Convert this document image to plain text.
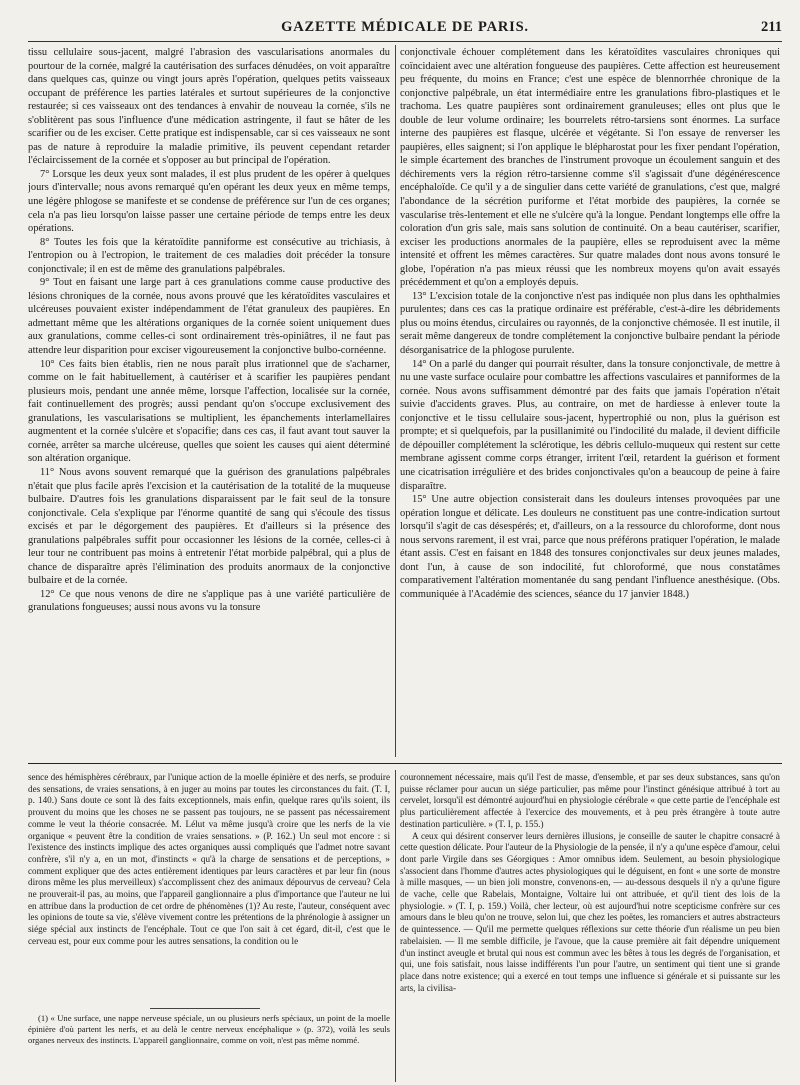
GAZETTE MÉDICALE DE PARIS.	211

tissu cellulaire sous-jacent, malgré l'abrasion des vascularisations anormales du pourtour de la cornée, malgré la cautérisation des surfaces dénudées, on voit apparaître dans quelques cas, quinze ou vingt jours après l'opération, quelques petits vaisseaux occupant de préférence les parties latérales et surtout supérieures de la conjonctive restaurée; si ces vaisseaux ont des tendances à envahir de nouveau la cornée, s'ils ne s'oblitèrent pas sous l'influence d'une médication astringente, il faut se hâter de les scarifier ou de les exciser. Cette pratique est indispensable, car si ces vaisseaux ne sont pas de nature à reproduire la maladie primitive, ils peuvent cependant retarder l'éclaircissement de la cornée et s'opposer au but principal de l'opération.

7° Lorsque les deux yeux sont malades, il est plus prudent de les opérer à quelques jours d'intervalle; nous avons remarqué qu'en opérant les deux yeux en même temps, une légère phlogose se manifeste et se condense de préférence sur l'un de ces organes; cela n'a pas lieu lorsqu'on laisse passer une certaine période de temps entre les deux opérations.

8° Toutes les fois que la kératoïdite panniforme est consécutive au trichiasis, à l'entropion ou à l'ectropion, le traitement de ces maladies doit précéder la tonsure conjonctivale; il en est de même des granulations palpébrales.

9° Tout en faisant une large part à ces granulations comme cause productive des lésions chroniques de la cornée, nous avons prouvé que les kératoïdites vasculaires et ulcéreuses pouvaient exister indépendamment de l'état granuleux des paupières. En admettant même que les altérations organiques de la cornée soient uniquement dues aux granulations, comme celles-ci sont ordinairement très-opiniâtres, il ne faut pas attendre leur disparition pour exciser vigoureusement la conjonctive bulbo-cornéenne.

10° Ces faits bien établis, rien ne nous paraît plus irrationnel que de s'acharner, comme on le fait habituellement, à cautériser et à scarifier les paupières pendant plusieurs mois, pendant une année même, lorsque l'affection, localisée sur la cornée, fait continuellement des progrès; aussi pendant qu'on s'occupe exclusivement des granulations, les vascularisations se multiplient, les épanchements interlamellaires augmentent et la cornée s'ulcère et s'opacifie; dans ces cas, il faut avant tout sauver la cornée, arrêter sa marche ulcéreuse, quelles que soient les causes qui aient déterminé son altération organique.

11° Nous avons souvent remarqué que la guérison des granulations palpébrales n'était que plus facile après l'excision et la cautérisation de la totalité de la muqueuse bulbaire. D'autres fois les granulations disparaissent par le fait seul de la tonsure conjonctivale. Cela s'explique par l'énorme quantité de sang qui s'écoule des tissus excisés et par le dégorgement des paupières. Et d'ailleurs si la présence des granulations palpébrales suffit pour occasionner les lésions de la cornée, celles-ci à leur tour ne contribuent pas moins à entretenir l'état morbide palpébral, qui a plus de chance de disparaître après l'élimination des produits anormaux de la conjonctive bulbaire et de la cornée.

12° Ce que nous venons de dire ne s'applique pas à une variété particulière de granulations fongueuses; aussi nous avons vu la tonsure

conjonctivale échouer complétement dans les kératoïdites vasculaires chroniques qui coïncidaient avec une altération fongueuse des paupières. Cette affection est heureusement peu fréquente, du moins en France; c'est une espèce de blennorrhée chronique de la conjonctive palpébrale, un état intermédiaire entre les granulations fibro-plastiques et le trachoma. Les quatre paupières sont ordinairement granuleuses; elles ont plus que le double de leur volume ordinaire; les bourrelets rétro-tarsiens sont énormes. La surface interne des paupières est flasque, ulcérée et végétante. Si l'on essaye de renverser les paupières, elles saignent; si l'on applique le blépharostat pour les fixer pendant l'opération, le simple écartement des branches de l'instrument provoque un écoulement sanguin et des déchirements vers la région rétro-tarsienne comme s'il s'agissait d'une dégénérescence encéphaloïde. Ce qu'il y a de singulier dans cette variété de granulations, c'est que, malgré l'abondance de la sécrétion puriforme et l'état morbide des paupières, la cornée se vascularise très-lentement et elle ne s'ulcère qu'à la longue. Pendant longtemps elle offre la coloration d'un gris sale, mais sans solution de continuité. On a beau cautériser, scarifier, exciser les productions anormales de la paupière, elles se reproduisent avec la même intensité et offrent les mêmes caractères. Sur quatre malades dont nous avons tonsuré le globe, l'opération n'a pas mieux réussi que les nombreux moyens qu'on avait essayés précédemment et qu'on a employés depuis.

13° L'excision totale de la conjonctive n'est pas indiquée non plus dans les ophthalmies purulentes; dans ces cas la pratique ordinaire est préférable, c'est-à-dire les débridements plus ou moins étendus, circulaires ou rayonnés, de la conjonctive chémosée. Il est inutile, il serait même dangereux de tondre complétement la conjonctive bulbaire pendant la période désorganisatrice de la phlogose purulente.

14° On a parlé du danger qui pourrait résulter, dans la tonsure conjonctivale, de mettre à nu une vaste surface oculaire pour combattre les affections vasculaires et panniformes de la cornée. Nous avons suffisamment démontré par des faits que jamais l'opération n'était suivie d'accidents graves. Plus, au contraire, on met de hardiesse à enlever toute la conjonctive et le tissu cellulaire sous-jacent, hypertrophié ou non, plus la guérison est prompte; et si quelquefois, par la pusillanimité ou l'indocilité du malade, il devient difficile de dépouiller complétement la sclérotique, les débris cellulo-muqueux qui restent sur cette membrane agissent comme corps étranger, irritent l'œil, retardent la guérison et forment une cicatrisation irrégulière et des brides conjonctivales qu'on a beaucoup de peine à faire disparaître.

15° Une autre objection consisterait dans les douleurs intenses provoquées par une opération longue et délicate. Les douleurs ne constituent pas une contre-indication surtout lorsqu'il s'agit de cas désespérés; et, d'ailleurs, on a la ressource du chloroforme, dont nous nous servons rarement, il est vrai, parce que nous préférons pratiquer l'opération, le malade étant assis. C'est en faisant en 1848 des tonsures conjonctivales sur deux jeunes malades, dont l'un, à cause de son indocilité, fut chloroformé, que nous constatâmes comparativement l'altération momentanée du sang pendant l'influence anesthésique. (Obs. communiquée à l'Académie des sciences, séance du 17 janvier 1848.)

sence des hémisphères cérébraux, par l'unique action de la moelle épinière et des nerfs, se produire des sensations, de vraies sensations, à en juger au moins par toutes les circonstances du fait. (T. I, p. 140.) Sans doute ce sont là des faits exceptionnels, mais enfin, quelque rares qu'ils soient, ils prouvent du moins que les choses ne se passent pas toujours, ne se passent pas nécessairement comme le veut la théorie consacrée. M. Lélut va même jusqu'à croire que les nerfs de la vie organique « peuvent être la condition de vraies sensations. » (P. 162.) Un seul mot encore : si l'existence des instincts implique des actes organiques aussi compliqués que l'admet notre savant confrère, s'il n'y a, en un mot, d'instincts « qu'à la charge de sensations et de perceptions, » comment expliquer que des actes entièrement identiques par leurs caractères et par leur fin (nous dirons même les plus merveilleux) s'accomplissent chez des animaux dépourvus de cerveau? Cela ne prouverait-il pas, au moins, que l'appareil ganglionnaire a plus d'importance que l'auteur ne lui en attribue dans la production de cet ordre de phénomènes (1)? Au reste, l'auteur, conséquent avec les opinions de toute sa vie, s'élève vivement contre les prétentions de la phrénologie à assigner un siége spécial aux instincts de l'encéphale. Tout ce que l'on sait à cet égard, dit-il, c'est que le cerveau est, pour eux comme pour les autres sensations, la condition ou le

(1) « Une surface, une nappe nerveuse spéciale, un ou plusieurs nerfs spéciaux, un point de la moelle épinière d'où partent les nerfs, et au delà le centre nerveux encéphalique » (p. 372), voilà les seuls organes nerveux des instincts. L'appareil ganglionnaire, comme on voit, n'est pas même nommé.

couronnement nécessaire, mais qu'il l'est de masse, d'ensemble, et par ses deux substances, sans qu'on puisse réclamer pour aucun un siége particulier, pas même pour l'instinct génésique attribué à tort au cervelet, lorsqu'il est démontré aujourd'hui en physiologie cérébrale « que cette partie de l'encéphale est plus particulièrement affectée à l'exercice des mouvements, et à peu près étrangère à toute autre destination particulière. » (T. I, p. 155.)

A ceux qui désirent conserver leurs dernières illusions, je conseille de sauter le chapitre consacré à cette question délicate. Pour l'auteur de la Physiologie de la pensée, il n'y a qu'une espèce d'amour, celui dont parle Virgile dans ses Géorgiques : Amor omnibus idem. Seulement, au besoin physiologique s'associent dans l'homme d'autres actes physiologiques qui le déguisent, en font « une sorte de monstre à mille masques, — un bien joli monstre, convenons-en, — au-dessous desquels il n'y a qu'une figure de vache, celle que Rabelais, Montaigne, Voltaire lui ont attribuée, et qu'il tient des lois de la physiologie. » (T. I, p. 159.) Voilà, cher lecteur, où est aujourd'hui notre scepticisme confrère sur ces amours dans le bleu qu'on ne trouve, selon lui, que chez les poëtes, les romanciers et autres abstracteurs de quintessence. — Qu'il me permette quelques réflexions sur cette théorie d'un réalisme un peu bien rabelaisien. — Il me semble difficile, je l'avoue, que la cause première ait fait dépendre uniquement d'un instinct aveugle et brutal qui nous est commun avec les bêtes à tous les degrés de l'organisation, et qui, une fois satisfait, nous laisse indifférents l'un pour l'autre, un sentiment qui tient une si grande place dans notre existence; qui a exercé en tout temps une influence si générale et si puissante sur les arts, la civilisa-
